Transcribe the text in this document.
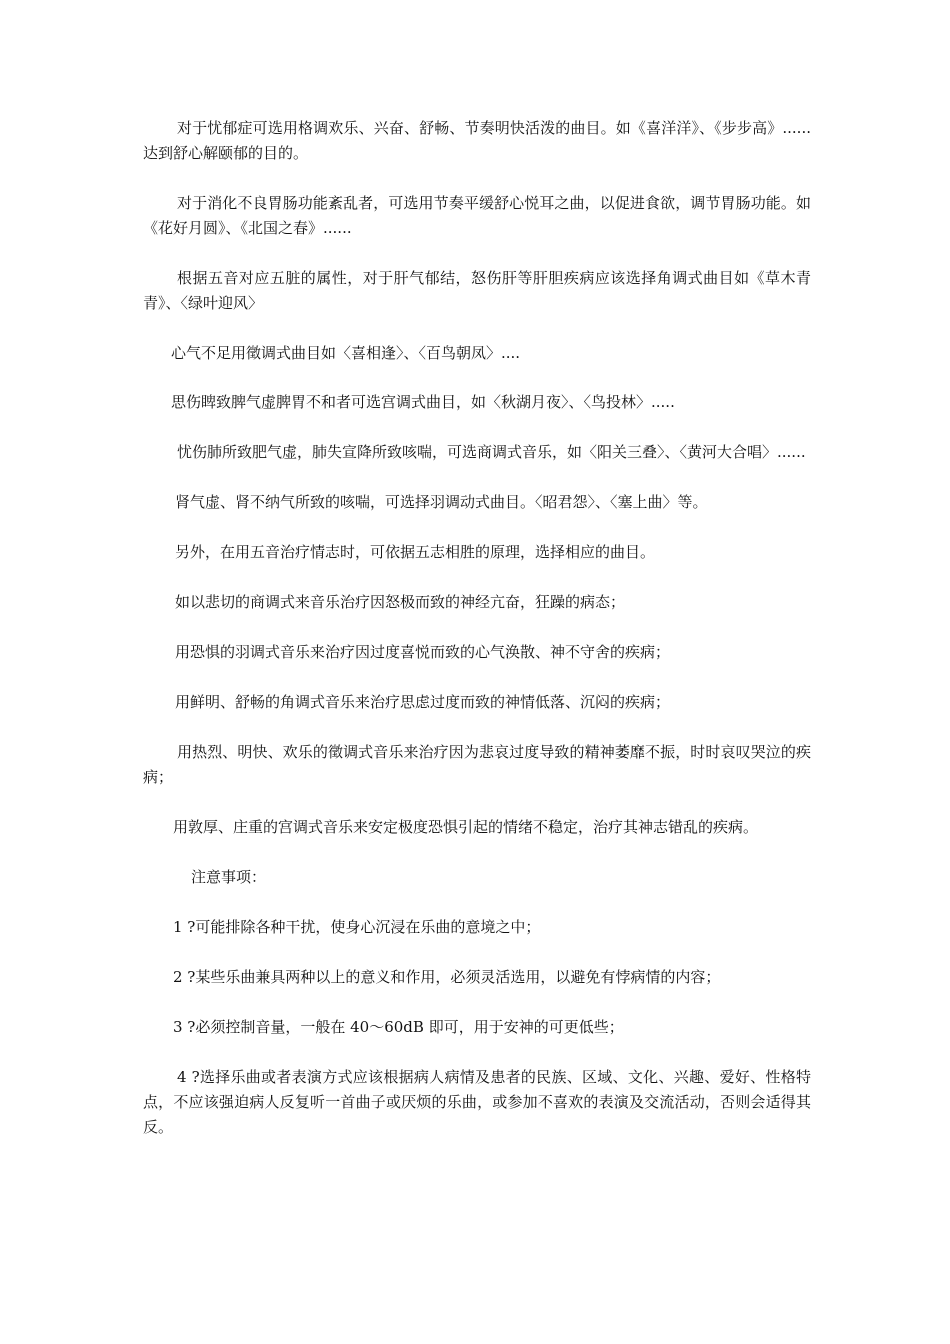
对于忧郁症可选用格调欢乐、兴奋、舒畅、节奏明快活泼的曲目。如《喜洋洋》、《步步高》......达到舒心解颐郁的目的。

对于消化不良胃肠功能紊乱者，可选用节奏平缓舒心悦耳之曲，以促进食欲，调节胃肠功能。如《花好月圆》、《北国之春》......

根据五音对应五脏的属性，对于肝气郁结，怒伤肝等肝胆疾病应该选择角调式曲目如《草木青青》、〈绿叶迎风〉

心气不足用徵调式曲目如〈喜相逢〉、〈百鸟朝凤〉....

思伤睥致脾气虚脾胃不和者可选宫调式曲目，如〈秋湖月夜〉、〈鸟投林〉.....

忧伤肺所致肥气虚，肺失宣降所致咳喘，可选商调式音乐，如〈阳关三叠〉、〈黄河大合唱〉......

肾气虚、肾不纳气所致的咳喘，可选择羽调动式曲目。〈昭君怨〉、〈塞上曲〉等。

另外，在用五音治疗情志时，可依据五志相胜的原理，选择相应的曲目。

如以悲切的商调式来音乐治疗因怒极而致的神经亢奋，狂躁的病态；

用恐惧的羽调式音乐来治疗因过度喜悦而致的心气涣散、神不守舍的疾病；

用鲜明、舒畅的角调式音乐来治疗思虑过度而致的神情低落、沉闷的疾病；

用热烈、明快、欢乐的徵调式音乐来治疗因为悲哀过度导致的精神萎靡不振，时时哀叹哭泣的疾病；

用敦厚、庄重的宫调式音乐来安定极度恐惧引起的情绪不稳定，治疗其神志错乱的疾病。

注意事项：

1 ?可能排除各种干扰，使身心沉浸在乐曲的意境之中；

2 ?某些乐曲兼具两种以上的意义和作用，必须灵活选用，以避免有悖病情的内容；

3 ?必须控制音量，一般在 40～60dB 即可，用于安神的可更低些；

4 ?选择乐曲或者表演方式应该根据病人病情及患者的民族、区域、文化、兴趣、爱好、性格特点，不应该强迫病人反复听一首曲子或厌烦的乐曲，或参加不喜欢的表演及交流活动，否则会适得其反。
